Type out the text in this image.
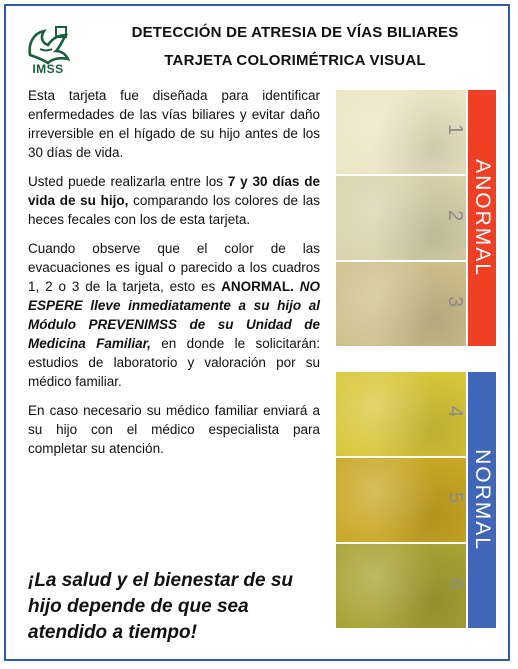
IMSS
DETECCIÓN DE ATRESIA DE VÍAS BILIARES
TARJETA COLORIMÉTRICA VISUAL

Esta tarjeta fue diseñada para identificar enfermedades de las vías biliares y evitar daño irreversible en el hígado de su hijo antes de los 30 días de vida.

Usted puede realizarla entre los 7 y 30 días de vida de su hijo, comparando los colores de las heces fecales con los de esta tarjeta.

Cuando observe que el color de las evacuaciones es igual o parecido a los cuadros 1, 2 o 3 de la tarjeta, esto es ANORMAL. NO ESPERE lleve inmediatamente a su hijo al Módulo PREVENIMSS de su Unidad de Medicina Familiar, en donde le solicitarán: estudios de laboratorio y valoración por su médico familiar.

En caso necesario su médico familiar enviará a su hijo con el médico especialista para completar su atención.

¡La salud y el bienestar de su hijo depende de que sea atendido a tiempo!
1
2
3
4
5
6
ANORMAL
NORMAL
